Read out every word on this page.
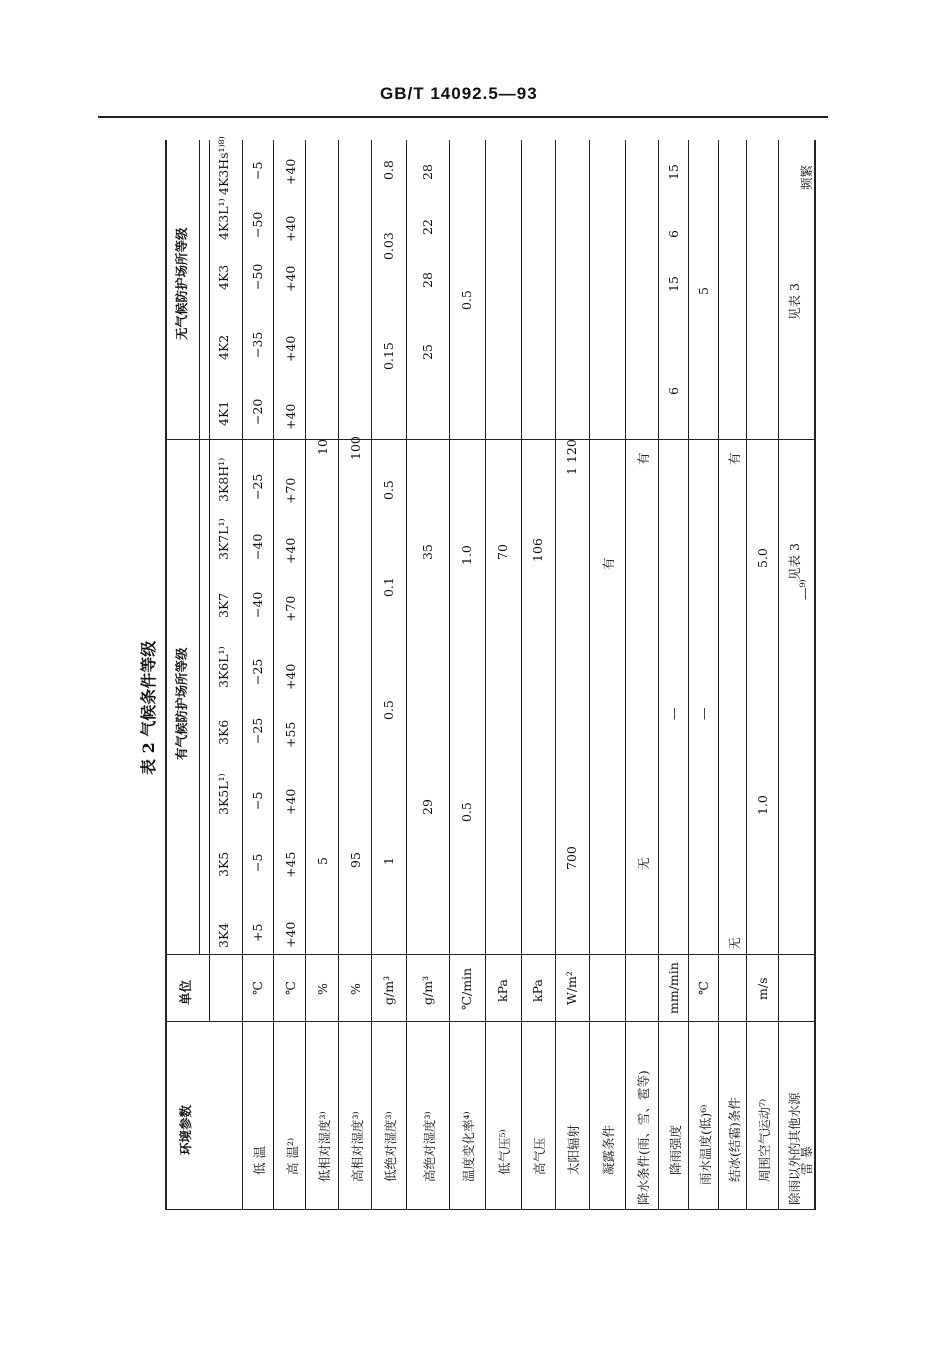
GB/T 14092.5—93
表 2 气候条件等级
环境参数
单位
有气候防护场所等级
无气候防护场所等级
3K4
3K5
3K5L¹⁾
3K6
3K6L¹⁾
3K7
3K7L¹⁾
3K8H¹⁾
4K1
4K2
4K3
4K3L¹⁾
4K3Hs¹⁾⁸⁾
低 温
℃
高 温²⁾
℃
低相对湿度³⁾
%
高相对湿度³⁾
%
低绝对湿度³⁾
g/m³
高绝对湿度³⁾
g/m³
温度变化率⁴⁾
℃/min
低气压⁵⁾
kPa
高气压
kPa
太阳辐射
W/m²
凝露条件 降水条件(雨、雪、雹等) 降雨强度
mm/min
雨水温度(低)⁶⁾
℃
结冰(结霜)条件 周围空气运动⁷⁾
m/s
除雨以外的其他水源
雷 暴
+5
−5
−5
−25
−25
−40
−40
−25
−20
−35
−50
−50
−5
+40
+45
+40
+55
+40
+70
+40
+70
+40
+40
+40
+40
+40
5
10
95
100
1
0.5
0.1
0.5
0.15
0.03
0.8
29
35
25
28
22
28
0.5
1.0
0.5
70 106
700
1 120
有
无
有
—
6
15
6
15
—
5
无
有
1.0
5.0 见表 3
见表 3
—⁹⁾
频繁
